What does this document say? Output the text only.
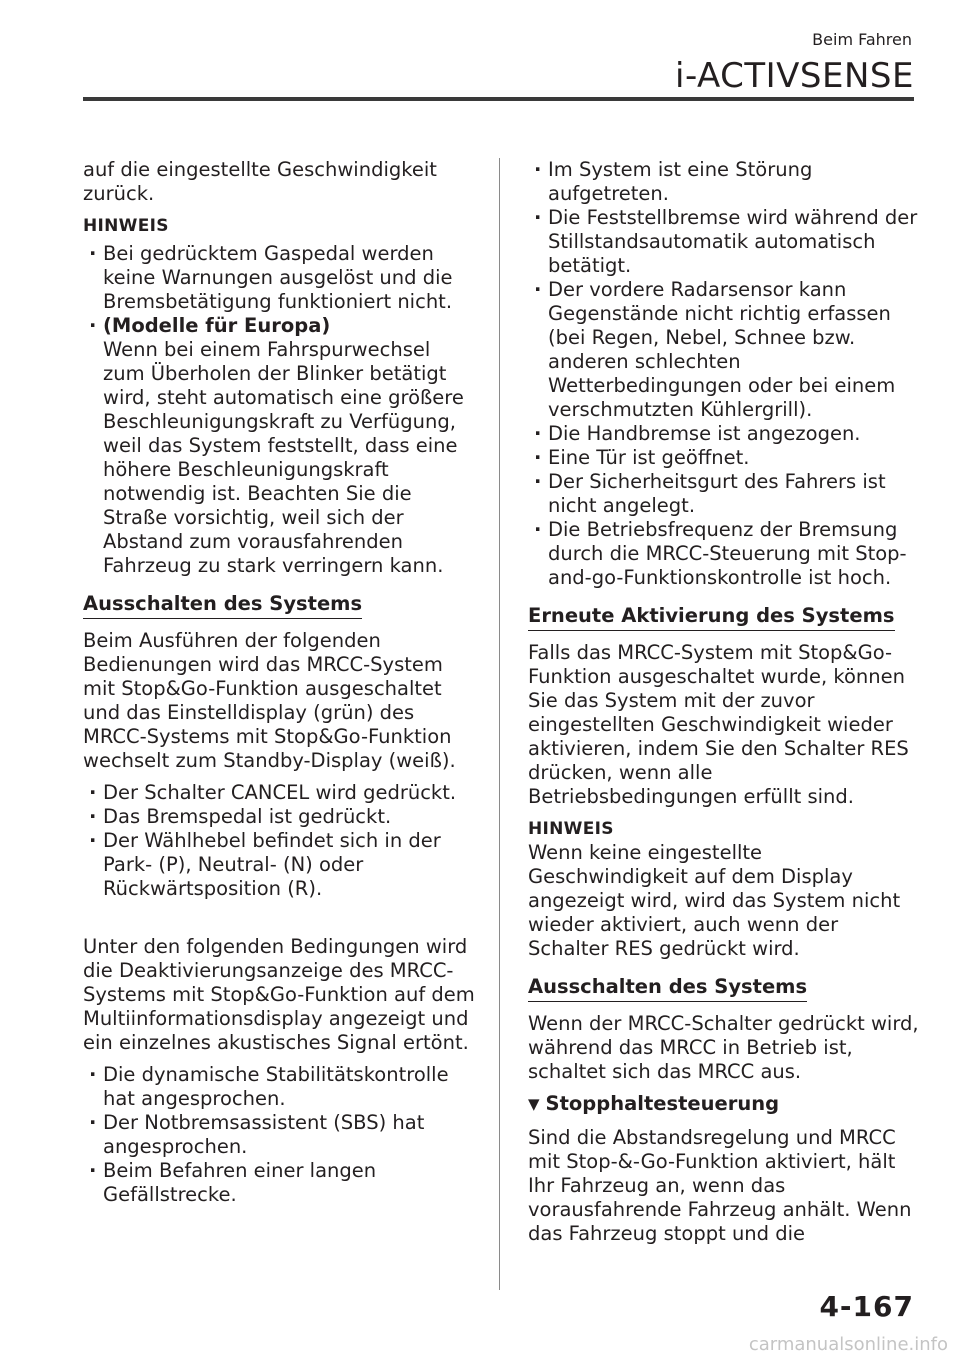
Beim Fahren
i-ACTIVSENSE

auf die eingestellte Geschwindigkeit zurück.

HINWEIS
· Bei gedrücktem Gaspedal werden keine Warnungen ausgelöst und die Bremsbetätigung funktioniert nicht.
· (Modelle für Europa)
Wenn bei einem Fahrspurwechsel zum Überholen der Blinker betätigt wird, steht automatisch eine größere Beschleunigungskraft zu Verfügung, weil das System feststellt, dass eine höhere Beschleunigungskraft notwendig ist. Beachten Sie die Straße vorsichtig, weil sich der Abstand zum vorausfahrenden Fahrzeug zu stark verringern kann.
Ausschalten des Systems

Beim Ausführen der folgenden Bedienungen wird das MRCC-System mit Stop&Go-Funktion ausgeschaltet und das Einstelldisplay (grün) des MRCC-Systems mit Stop&Go-Funktion wechselt zum Standby-Display (weiß).

· Der Schalter CANCEL wird gedrückt.
· Das Bremspedal ist gedrückt.
· Der Wählhebel befindet sich in der Park- (P), Neutral- (N) oder Rückwärtsposition (R).

Unter den folgenden Bedingungen wird die Deaktivierungsanzeige des MRCC-Systems mit Stop&Go-Funktion auf dem Multiinformationsdisplay angezeigt und ein einzelnes akustisches Signal ertönt.

· Die dynamische Stabilitätskontrolle hat angesprochen.
· Der Notbremsassistent (SBS) hat angesprochen.
· Beim Befahren einer langen Gefällstrecke.
· Im System ist eine Störung aufgetreten.
· Die Feststellbremse wird während der Stillstandsautomatik automatisch betätigt.
· Der vordere Radarsensor kann Gegenstände nicht richtig erfassen (bei Regen, Nebel, Schnee bzw. anderen schlechten Wetterbedingungen oder bei einem verschmutzten Kühlergrill).
· Die Handbremse ist angezogen.
· Eine Tür ist geöffnet.
· Der Sicherheitsgurt des Fahrers ist nicht angelegt.
· Die Betriebsfrequenz der Bremsung durch die MRCC-Steuerung mit Stop-and-go-Funktionskontrolle ist hoch.
Erneute Aktivierung des Systems

Falls das MRCC-System mit Stop&Go-Funktion ausgeschaltet wurde, können Sie das System mit der zuvor eingestellten Geschwindigkeit wieder aktivieren, indem Sie den Schalter RES drücken, wenn alle Betriebsbedingungen erfüllt sind.

HINWEIS

Wenn keine eingestellte Geschwindigkeit auf dem Display angezeigt wird, wird das System nicht wieder aktiviert, auch wenn der Schalter RES gedrückt wird.

Ausschalten des Systems

Wenn der MRCC-Schalter gedrückt wird, während das MRCC in Betrieb ist, schaltet sich das MRCC aus.

▼ Stopphaltesteuerung

Sind die Abstandsregelung und MRCC mit Stop-&-Go-Funktion aktiviert, hält Ihr Fahrzeug an, wenn das vorausfahrende Fahrzeug anhält. Wenn das Fahrzeug stoppt und die

4-167
carmanualsonline.info
